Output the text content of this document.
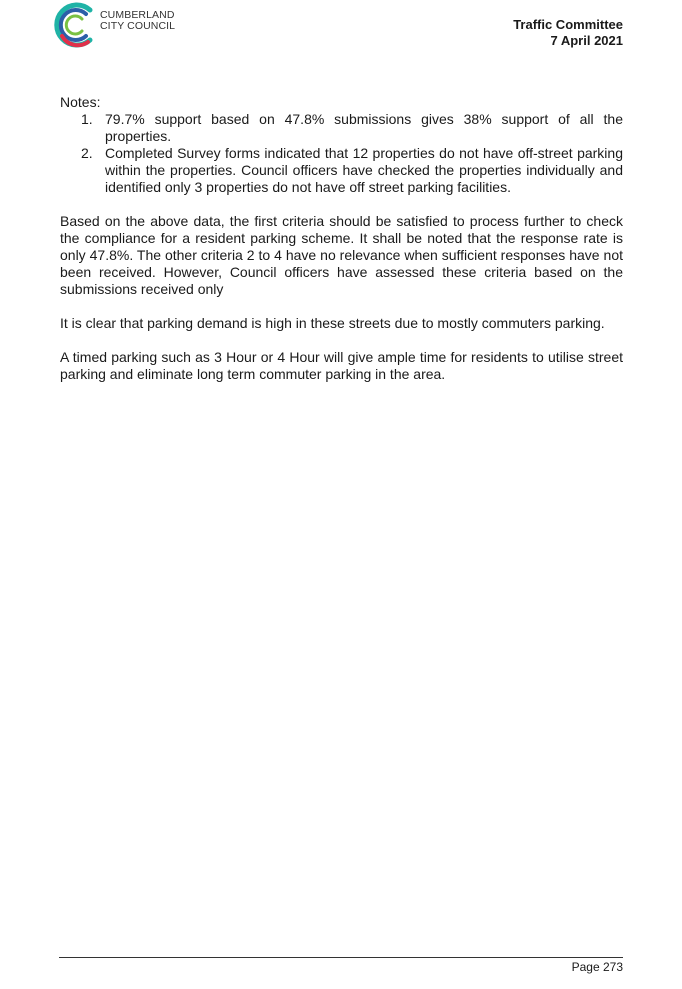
CUMBERLAND
CITY COUNCIL	Traffic Committee
7 April 2021
Notes:
1. 79.7% support based on 47.8% submissions gives 38% support of all the properties.
2. Completed Survey forms indicated that 12 properties do not have off-street parking within the properties. Council officers have checked the properties individually and identified only 3 properties do not have off street parking facilities.

Based on the above data, the first criteria should be satisfied to process further to check the compliance for a resident parking scheme. It shall be noted that the response rate is only 47.8%. The other criteria 2 to 4 have no relevance when sufficient responses have not been received. However, Council officers have assessed these criteria based on the submissions received only

It is clear that parking demand is high in these streets due to mostly commuters parking.

A timed parking such as 3 Hour or 4 Hour will give ample time for residents to utilise street parking and eliminate long term commuter parking in the area.

Page 273
